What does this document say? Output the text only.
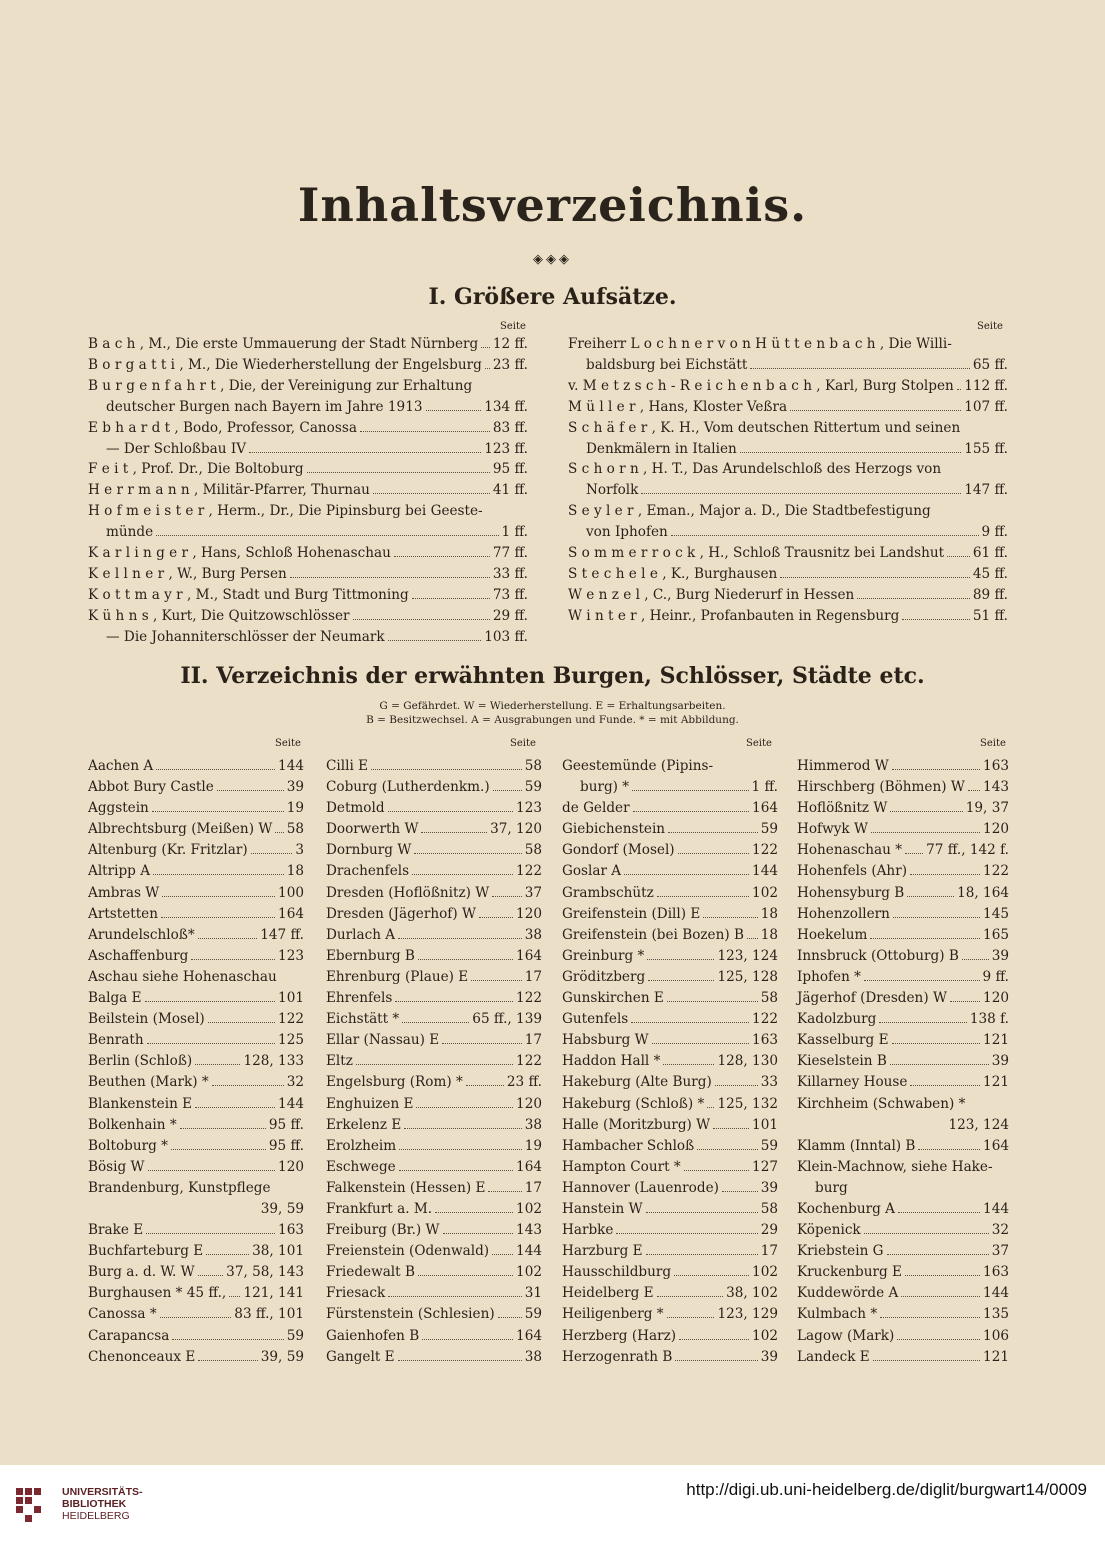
Inhaltsverzeichnis.
◈◈◈
I. Größere Aufsätze.
Seite	Seite
B a c h , M., Die erste Ummauerung der Stadt Nürnberg 12 ff.
B o r g a t t i , M., Die Wiederherstellung der Engelsburg 23 ff.
B u r g e n f a h r t , Die, der Vereinigung zur Erhaltung
deutscher Burgen nach Bayern im Jahre 1913	134 ff.
E b h a r d t , Bodo, Professor, Canossa	83 ff.
— Der Schloßbau IV	123 ff.
F e i t , Prof. Dr., Die Boltoburg	95 ff.
H e r r m a n n , Militär-Pfarrer, Thurnau	41 ff.
H o f m e i s t e r , Herm., Dr., Die Pipinsburg bei Geeste-
münde	1 ff.
K a r l i n g e r , Hans, Schloß Hohenaschau	77 ff.
K e l l n e r , W., Burg Persen	33 ff.
K o t t m a y r , M., Stadt und Burg Tittmoning	73 ff.
K ü h n s , Kurt, Die Quitzowschlösser	29 ff.
— Die Johanniterschlösser der Neumark	103 ff.
Freiherr L o c h n e r v o n H ü t t e n b a c h , Die Willi-
baldsburg bei Eichstätt	65 ff.
v. M e t z s c h - R e i c h e n b a c h , Karl, Burg Stolpen 112 ff.
M ü l l e r , Hans, Kloster Veßra	107 ff.
S c h ä f e r , K. H., Vom deutschen Rittertum und seinen
Denkmälern in Italien	155 ff.
S c h o r n , H. T., Das Arundelschloß des Herzogs von
Norfolk	147 ff.
S e y l e r , Eman., Major a. D., Die Stadtbefestigung
von Iphofen	9 ff.
S o m m e r r o c k , H., Schloß Trausnitz bei Landshut 61 ff.
S t e c h e l e , K., Burghausen	45 ff.
W e n z e l , C., Burg Niederurf in Hessen	89 ff.
W i n t e r , Heinr., Profanbauten in Regensburg	51 ff.
II. Verzeichnis der erwähnten Burgen, Schlösser, Städte etc.
G = Gefährdet. W = Wiederherstellung. E = Erhaltungsarbeiten.
B = Besitzwechsel. A = Ausgrabungen und Funde. * = mit Abbildung.
Seite	Seite	Seite	Seite
Aachen A	144
Abbot Bury Castle	39
Aggstein	19
Albrechtsburg (Meißen) W 58
Altenburg (Kr. Fritzlar)	3
Altripp A	18
Ambras W	100
Artstetten	164
Arundelschloß*	147 ff.
Aschaffenburg	123
Aschau siehe Hohenaschau
Balga E	101
Beilstein (Mosel)	122
Benrath	125
Berlin (Schloß)	128, 133
Beuthen (Mark) *	32
Blankenstein E	144
Bolkenhain *	95 ff.
Boltoburg *	95 ff.
Bösig W	120
Brandenburg, Kunstpflege
39, 59
Brake E	163
Buchfarteburg E	38, 101
Burg a. d. W. W 37, 58, 143
Burghausen * 45 ff., 121, 141
Canossa *	83 ff., 101
Carapancsa	59
Chenonceaux E	39, 59
Cilli E	58
Coburg (Lutherdenkm.)	59
Detmold	123
Doorwerth W	37, 120
Dornburg W	58
Drachenfels	122
Dresden (Hoflößnitz) W	37
Dresden (Jägerhof) W	120
Durlach A	38
Ebernburg B	164
Ehrenburg (Plaue) E	17
Ehrenfels	122
Eichstätt *	65 ff., 139
Ellar (Nassau) E	17
Eltz	122
Engelsburg (Rom) *	23 ff.
Enghuizen E	120
Erkelenz E	38
Erolzheim	19
Eschwege	164
Falkenstein (Hessen) E	17
Frankfurt a. M.	102
Freiburg (Br.) W	143
Freienstein (Odenwald) 144
Friedewalt B	102
Friesack	31
Fürstenstein (Schlesien) 59
Gaienhofen B	164
Gangelt E	38
Geestemünde (Pipins-
burg) *	1 ff.
de Gelder	164
Giebichenstein	59
Gondorf (Mosel)	122
Goslar A	144
Grambschütz	102
Greifenstein (Dill) E	18
Greifenstein (bei Bozen) B 18
Greinburg *	123, 124
Gröditzberg	125, 128
Gunskirchen E	58
Gutenfels	122
Habsburg W	163
Haddon Hall *	128, 130
Hakeburg (Alte Burg)	33
Hakeburg (Schloß) * 125, 132
Halle (Moritzburg) W	101
Hambacher Schloß	59
Hampton Court *	127
Hannover (Lauenrode)	39
Hanstein W	58
Harbke	29
Harzburg E	17
Hausschildburg	102
Heidelberg E	38, 102
Heiligenberg *	123, 129
Herzberg (Harz)	102
Herzogenrath B	39
Himmerod W	163
Hirschberg (Böhmen) W 143
Hoflößnitz W	19, 37
Hofwyk W	120
Hohenaschau * 77 ff., 142 f.
Hohenfels (Ahr)	122
Hohensyburg B	18, 164
Hohenzollern	145
Hoekelum	165
Innsbruck (Ottoburg) B 39
Iphofen *	9 ff.
Jägerhof (Dresden) W	120
Kadolzburg	138 f.
Kasselburg E	121
Kieselstein B	39
Killarney House	121
Kirchheim (Schwaben) *
123, 124
Klamm (Inntal) B	164
Klein-Machnow, siehe Hake-
burg
Kochenburg A	144
Köpenick	32
Kriebstein G	37
Kruckenburg E	163
Kuddewörde A	144
Kulmbach *	135
Lagow (Mark)	106
Landeck E	121
UNIVERSITÄTS-
BIBLIOTHEK
HEIDELBERG
http://digi.ub.uni-heidelberg.de/diglit/burgwart14/0009
